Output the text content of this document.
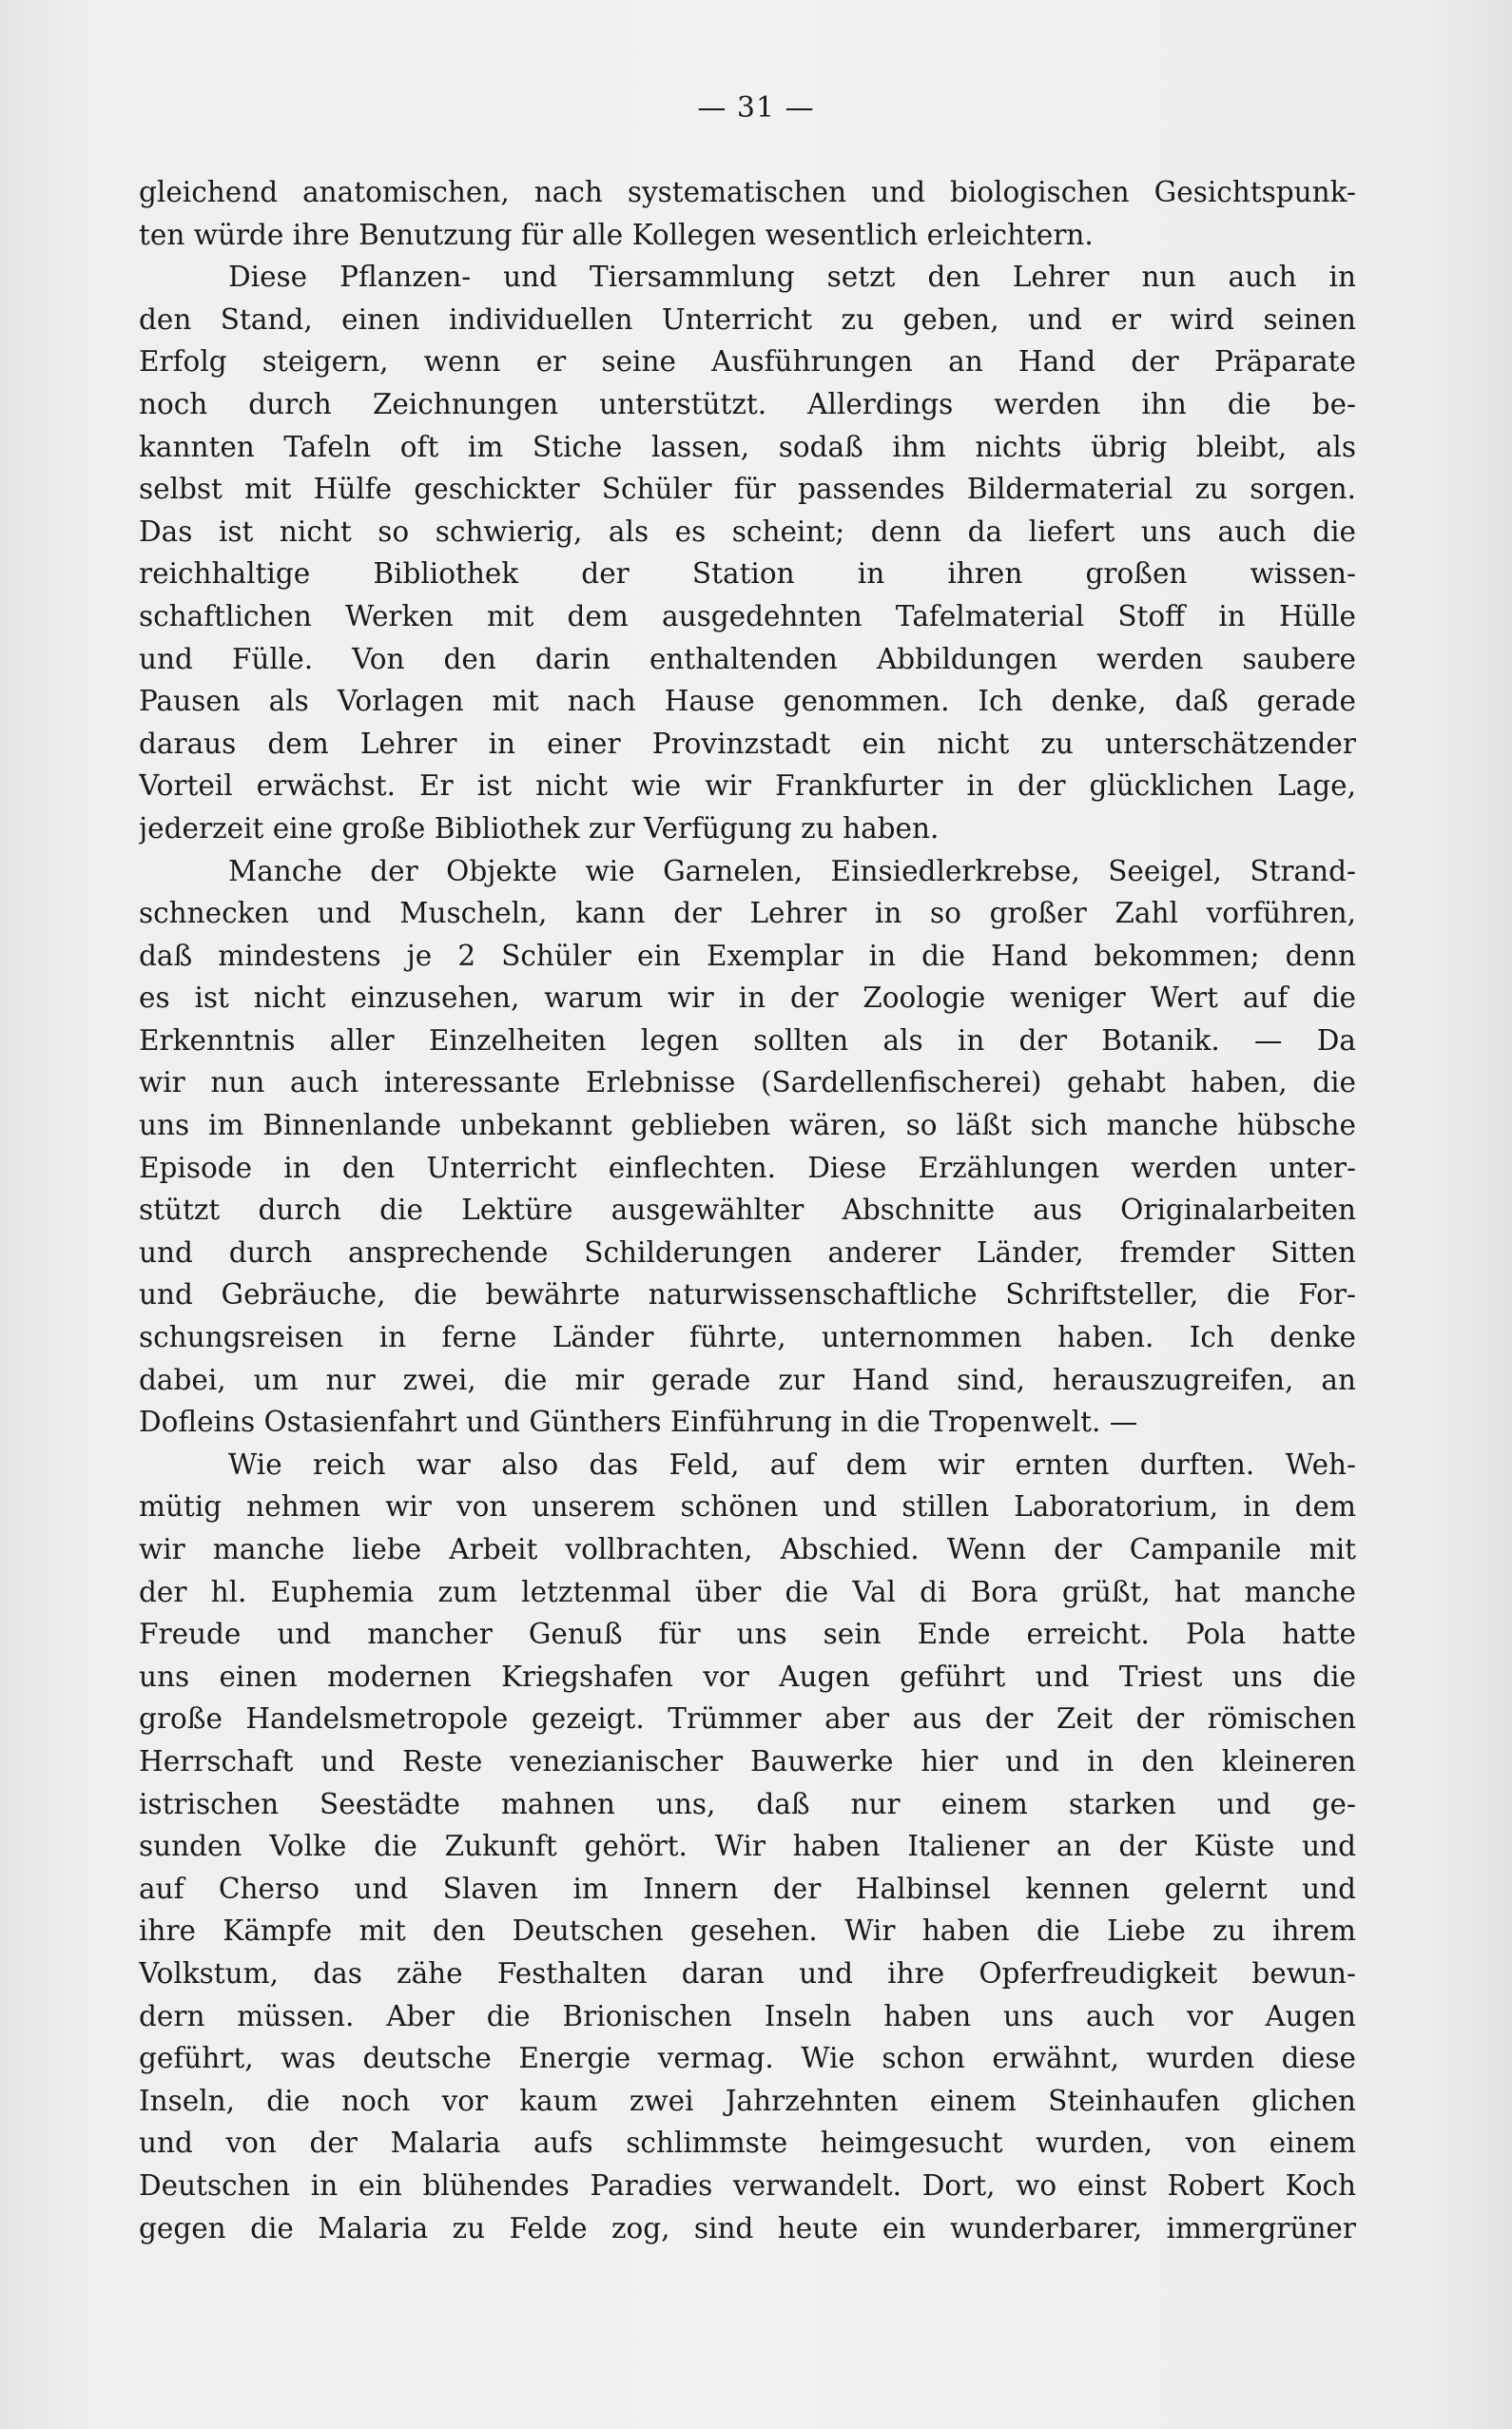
— 31 —
gleichend anatomischen, nach systematischen und biologischen Gesichtspunk-
ten würde ihre Benutzung für alle Kollegen wesentlich erleichtern.
Diese Pflanzen- und Tiersammlung setzt den Lehrer nun auch in
den Stand, einen individuellen Unterricht zu geben, und er wird seinen
Erfolg steigern, wenn er seine Ausführungen an Hand der Präparate
noch durch Zeichnungen unterstützt. Allerdings werden ihn die be-
kannten Tafeln oft im Stiche lassen, sodaß ihm nichts übrig bleibt, als
selbst mit Hülfe geschickter Schüler für passendes Bildermaterial zu sorgen.
Das ist nicht so schwierig, als es scheint; denn da liefert uns auch die
reichhaltige Bibliothek der Station in ihren großen wissen-
schaftlichen Werken mit dem ausgedehnten Tafelmaterial Stoff in Hülle
und Fülle. Von den darin enthaltenden Abbildungen werden saubere
Pausen als Vorlagen mit nach Hause genommen. Ich denke, daß gerade
daraus dem Lehrer in einer Provinzstadt ein nicht zu unterschätzender
Vorteil erwächst. Er ist nicht wie wir Frankfurter in der glücklichen Lage,
jederzeit eine große Bibliothek zur Verfügung zu haben.
Manche der Objekte wie Garnelen, Einsiedlerkrebse, Seeigel, Strand-
schnecken und Muscheln, kann der Lehrer in so großer Zahl vorführen,
daß mindestens je 2 Schüler ein Exemplar in die Hand bekommen; denn
es ist nicht einzusehen, warum wir in der Zoologie weniger Wert auf die
Erkenntnis aller Einzelheiten legen sollten als in der Botanik. — Da
wir nun auch interessante Erlebnisse (Sardellenfischerei) gehabt haben, die
uns im Binnenlande unbekannt geblieben wären, so läßt sich manche hübsche
Episode in den Unterricht einflechten. Diese Erzählungen werden unter-
stützt durch die Lektüre ausgewählter Abschnitte aus Originalarbeiten
und durch ansprechende Schilderungen anderer Länder, fremder Sitten
und Gebräuche, die bewährte naturwissenschaftliche Schriftsteller, die For-
schungsreisen in ferne Länder führte, unternommen haben. Ich denke
dabei, um nur zwei, die mir gerade zur Hand sind, herauszugreifen, an
Dofleins Ostasienfahrt und Günthers Einführung in die Tropenwelt. —
Wie reich war also das Feld, auf dem wir ernten durften. Weh-
mütig nehmen wir von unserem schönen und stillen Laboratorium, in dem
wir manche liebe Arbeit vollbrachten, Abschied. Wenn der Campanile mit
der hl. Euphemia zum letztenmal über die Val di Bora grüßt, hat manche
Freude und mancher Genuß für uns sein Ende erreicht. Pola hatte
uns einen modernen Kriegshafen vor Augen geführt und Triest uns die
große Handelsmetropole gezeigt. Trümmer aber aus der Zeit der römischen
Herrschaft und Reste venezianischer Bauwerke hier und in den kleineren
istrischen Seestädte mahnen uns, daß nur einem starken und ge-
sunden Volke die Zukunft gehört. Wir haben Italiener an der Küste und
auf Cherso und Slaven im Innern der Halbinsel kennen gelernt und
ihre Kämpfe mit den Deutschen gesehen. Wir haben die Liebe zu ihrem
Volkstum, das zähe Festhalten daran und ihre Opferfreudigkeit bewun-
dern müssen. Aber die Brionischen Inseln haben uns auch vor Augen
geführt, was deutsche Energie vermag. Wie schon erwähnt, wurden diese
Inseln, die noch vor kaum zwei Jahrzehnten einem Steinhaufen glichen
und von der Malaria aufs schlimmste heimgesucht wurden, von einem
Deutschen in ein blühendes Paradies verwandelt. Dort, wo einst Robert Koch
gegen die Malaria zu Felde zog, sind heute ein wunderbarer, immergrüner
